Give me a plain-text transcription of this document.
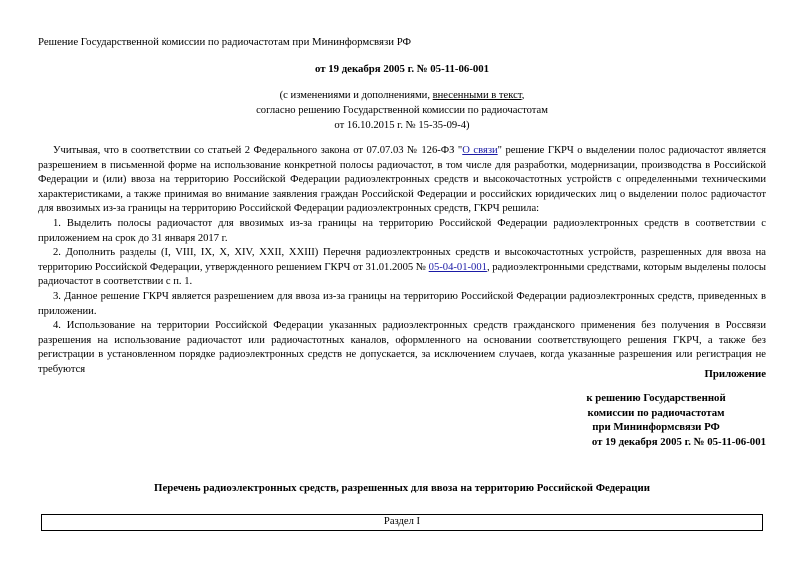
Решение Государственной комиссии по радиочастотам при Мининформсвязи РФ
от 19 декабря 2005 г. № 05-11-06-001
(с изменениями и дополнениями, внесенными в текст,
согласно решению Государственной комиссии по радиочастотам
от 16.10.2015 г. № 15-35-09-4)

Учитывая, что в соответствии со статьей 2 Федерального закона от 07.07.03 № 126-ФЗ "О связи" решение ГКРЧ о выделении полос радиочастот является разрешением в письменной форме на использование конкретной полосы радиочастот, в том числе для разработки, модернизации, производства в Российской Федерации и (или) ввоза на территорию Российской Федерации радиоэлектронных средств и высокочастотных устройств с определенными техническими характеристиками, а также принимая во внимание заявления граждан Российской Федерации и российских юридических лиц о выделении полос радиочастот для ввозимых из-за границы на территорию Российской Федерации радиоэлектронных средств, ГКРЧ решила:

1. Выделить полосы радиочастот для ввозимых из-за границы на территорию Российской Федерации радиоэлектронных средств в соответствии с приложением на срок до 31 января 2017 г.

2. Дополнить разделы (I, VIII, IX, X, XIV, XXII, XXIII) Перечня радиоэлектронных средств и высокочастотных устройств, разрешенных для ввоза на территорию Российской Федерации, утвержденного решением ГКРЧ от 31.01.2005 № 05-04-01-001, радиоэлектронными средствами, которым выделены полосы радиочастот в соответствии с п. 1.

3. Данное решение ГКРЧ является разрешением для ввоза из-за границы на территорию Российской Федерации радиоэлектронных средств, приведенных в приложении.

4. Использование на территории Российской Федерации указанных радиоэлектронных средств гражданского применения без получения в Россвязи разрешения на использование радиочастот или радиочастотных каналов, оформленного на основании соответствующего решения ГКРЧ, а также без регистрации в установленном порядке радиоэлектронных средств не допускается, за исключением случаев, когда указанные разрешения или регистрация не требуются	Приложение
к решению Государственной
комиссии по радиочастотам
при Мининформсвязи РФ
от 19 декабря 2005 г. № 05-11-06-001
Перечень радиоэлектронных средств, разрешенных для ввоза на территорию Российской Федерации
Раздел I
